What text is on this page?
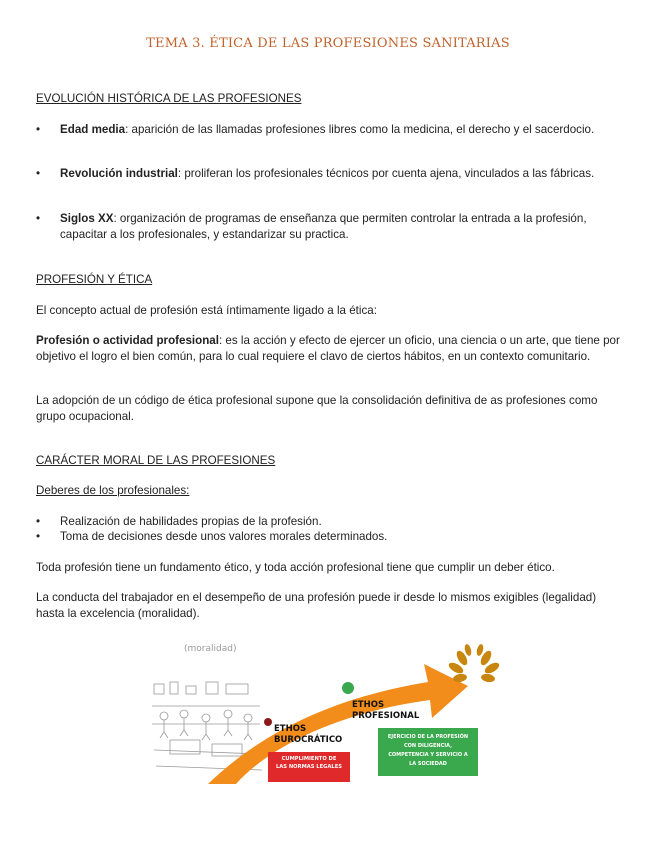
TEMA 3. ÉTICA DE LAS PROFESIONES SANITARIAS
EVOLUCIÓN HISTÓRICA DE LAS PROFESIONES
• Edad media: aparición de las llamadas profesiones libres como la medicina, el derecho y el sacerdocio.
• Revolución industrial: proliferan los profesionales técnicos por cuenta ajena, vinculados a las fábricas.
• Siglos XX: organización de programas de enseñanza que permiten controlar la entrada a la profesión, capacitar a los profesionales, y estandarizar su practica.
PROFESIÓN Y ÉTICA
El concepto actual de profesión está íntimamente ligado a la ética:
Profesión o actividad profesional: es la acción y efecto de ejercer un oficio, una ciencia o un arte, que tiene por objetivo el logro el bien común, para lo cual requiere el clavo de ciertos hábitos, en un contexto comunitario.
La adopción de un código de ética profesional supone que la consolidación definitiva de as profesiones como grupo ocupacional.
CARÁCTER MORAL DE LAS PROFESIONES
Deberes de los profesionales:
• Realización de habilidades propias de la profesión.
• Toma de decisiones desde unos valores morales determinados.
Toda profesión tiene un fundamento ético, y toda acción profesional tiene que cumplir un deber ético.
La conducta del trabajador en el desempeño de una profesión puede ir desde lo mismos exigibles (legalidad) hasta la excelencia (moralidad).
(moralidad)
ETHOS
BUROCRÁTICO
ETHOS
PROFESIONAL
CUMPLIMIENTO DE
LAS NORMAS LEGALES
EJERCICIO DE LA PROFESIÓN
CON DILIGENCIA,
COMPETENCIA Y SERVICIO A
LA SOCIEDAD
